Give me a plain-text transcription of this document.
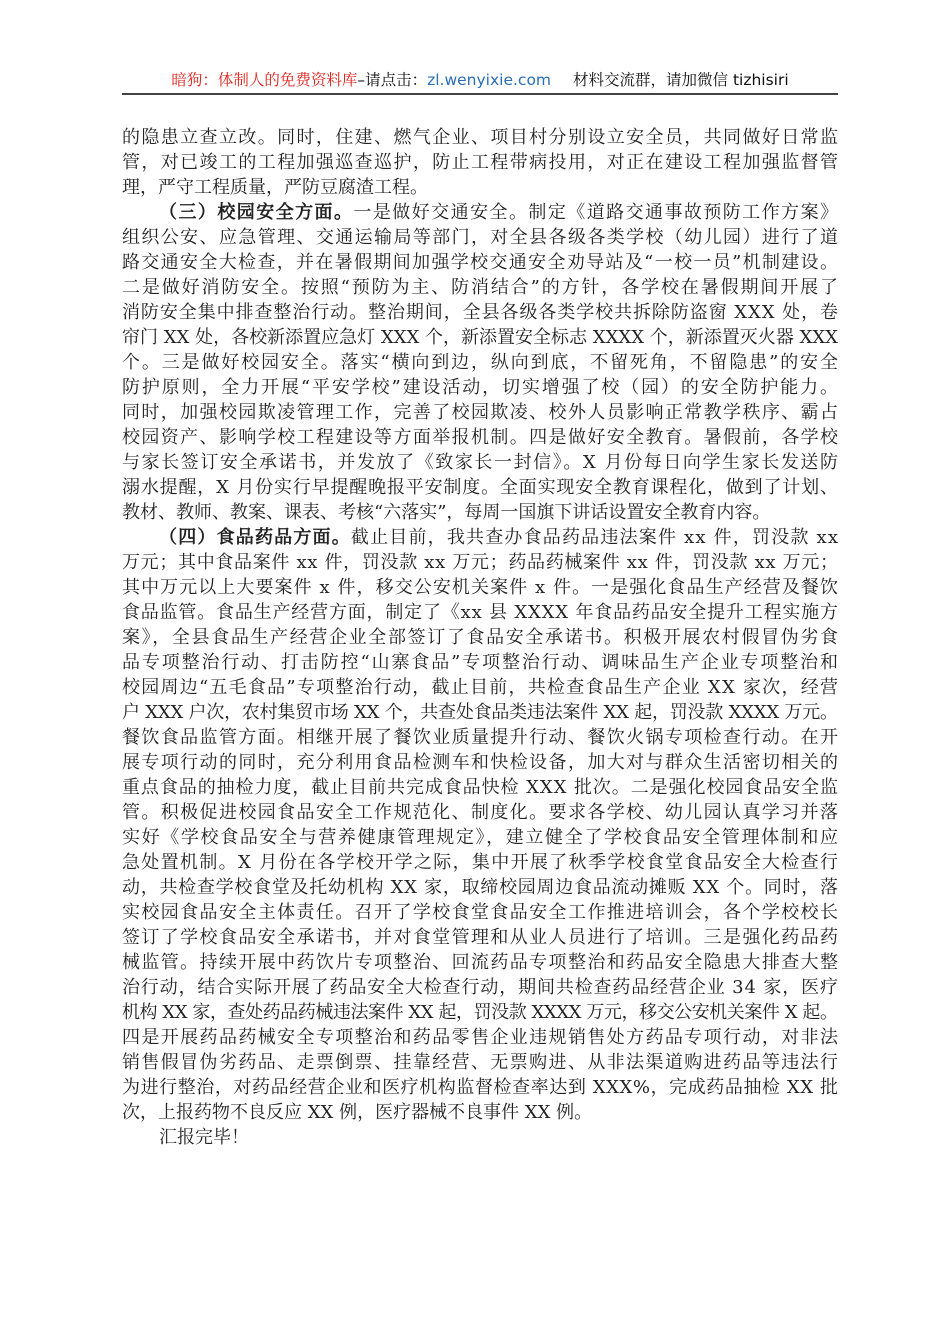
暗狗：体制人的免费资料库–请点击：zl.wenyixie.com 材料交流群，请加微信 tizhisiri
的隐患立查立改。同时，住建、燃气企业、项目村分别设立安全员，共同做好日常监
管，对已竣工的工程加强巡查巡护，防止工程带病投用，对正在建设工程加强监督管
理，严守工程质量，严防豆腐渣工程。
（三）校园安全方面。一是做好交通安全。制定《道路交通事故预防工作方案》
组织公安、应急管理、交通运输局等部门，对全县各级各类学校（幼儿园）进行了道
路交通安全大检查，并在暑假期间加强学校交通安全劝导站及“一校一员”机制建设。
二是做好消防安全。按照“预防为主、防消结合”的方针，各学校在暑假期间开展了
消防安全集中排查整治行动。整治期间，全县各级各类学校共拆除防盗窗 XXX 处，卷
帘门 XX 处，各校新添置应急灯 XXX 个，新添置安全标志 XXXX 个，新添置灭火器 XXX
个。三是做好校园安全。落实“横向到边，纵向到底，不留死角，不留隐患”的安全
防护原则，全力开展“平安学校”建设活动，切实增强了校（园）的安全防护能力。
同时，加强校园欺凌管理工作，完善了校园欺凌、校外人员影响正常教学秩序、霸占
校园资产、影响学校工程建设等方面举报机制。四是做好安全教育。暑假前，各学校
与家长签订安全承诺书，并发放了《致家长一封信》。X 月份每日向学生家长发送防
溺水提醒，X 月份实行早提醒晚报平安制度。全面实现安全教育课程化，做到了计划、
教材、教师、教案、课表、考核“六落实”，每周一国旗下讲话设置安全教育内容。
（四）食品药品方面。截止目前，我共查办食品药品违法案件 xx 件，罚没款 xx
万元；其中食品案件 xx 件，罚没款 xx 万元；药品药械案件 xx 件，罚没款 xx 万元；
其中万元以上大要案件 x 件，移交公安机关案件 x 件。一是强化食品生产经营及餐饮
食品监管。食品生产经营方面，制定了《xx 县 XXXX 年食品药品安全提升工程实施方
案》，全县食品生产经营企业全部签订了食品安全承诺书。积极开展农村假冒伪劣食
品专项整治行动、打击防控“山寨食品”专项整治行动、调味品生产企业专项整治和
校园周边“五毛食品”专项整治行动，截止目前，共检查食品生产企业 XX 家次，经营
户 XXX 户次，农村集贸市场 XX 个，共查处食品类违法案件 XX 起，罚没款 XXXX 万元。
餐饮食品监管方面。相继开展了餐饮业质量提升行动、餐饮火锅专项检查行动。在开
展专项行动的同时，充分利用食品检测车和快检设备，加大对与群众生活密切相关的
重点食品的抽检力度，截止目前共完成食品快检 XXX 批次。二是强化校园食品安全监
管。积极促进校园食品安全工作规范化、制度化。要求各学校、幼儿园认真学习并落
实好《学校食品安全与营养健康管理规定》，建立健全了学校食品安全管理体制和应
急处置机制。X 月份在各学校开学之际，集中开展了秋季学校食堂食品安全大检查行
动，共检查学校食堂及托幼机构 XX 家，取缔校园周边食品流动摊贩 XX 个。同时，落
实校园食品安全主体责任。召开了学校食堂食品安全工作推进培训会，各个学校校长
签订了学校食品安全承诺书，并对食堂管理和从业人员进行了培训。三是强化药品药
械监管。持续开展中药饮片专项整治、回流药品专项整治和药品安全隐患大排查大整
治行动，结合实际开展了药品安全大检查行动，期间共检查药品经营企业 34 家，医疗
机构 XX 家，查处药品药械违法案件 XX 起，罚没款 XXXX 万元，移交公安机关案件 X 起。
四是开展药品药械安全专项整治和药品零售企业违规销售处方药品专项行动，对非法
销售假冒伪劣药品、走票倒票、挂靠经营、无票购进、从非法渠道购进药品等违法行
为进行整治，对药品经营企业和医疗机构监督检查率达到 XXX%，完成药品抽检 XX 批
次，上报药物不良反应 XX 例，医疗器械不良事件 XX 例。
汇报完毕！
